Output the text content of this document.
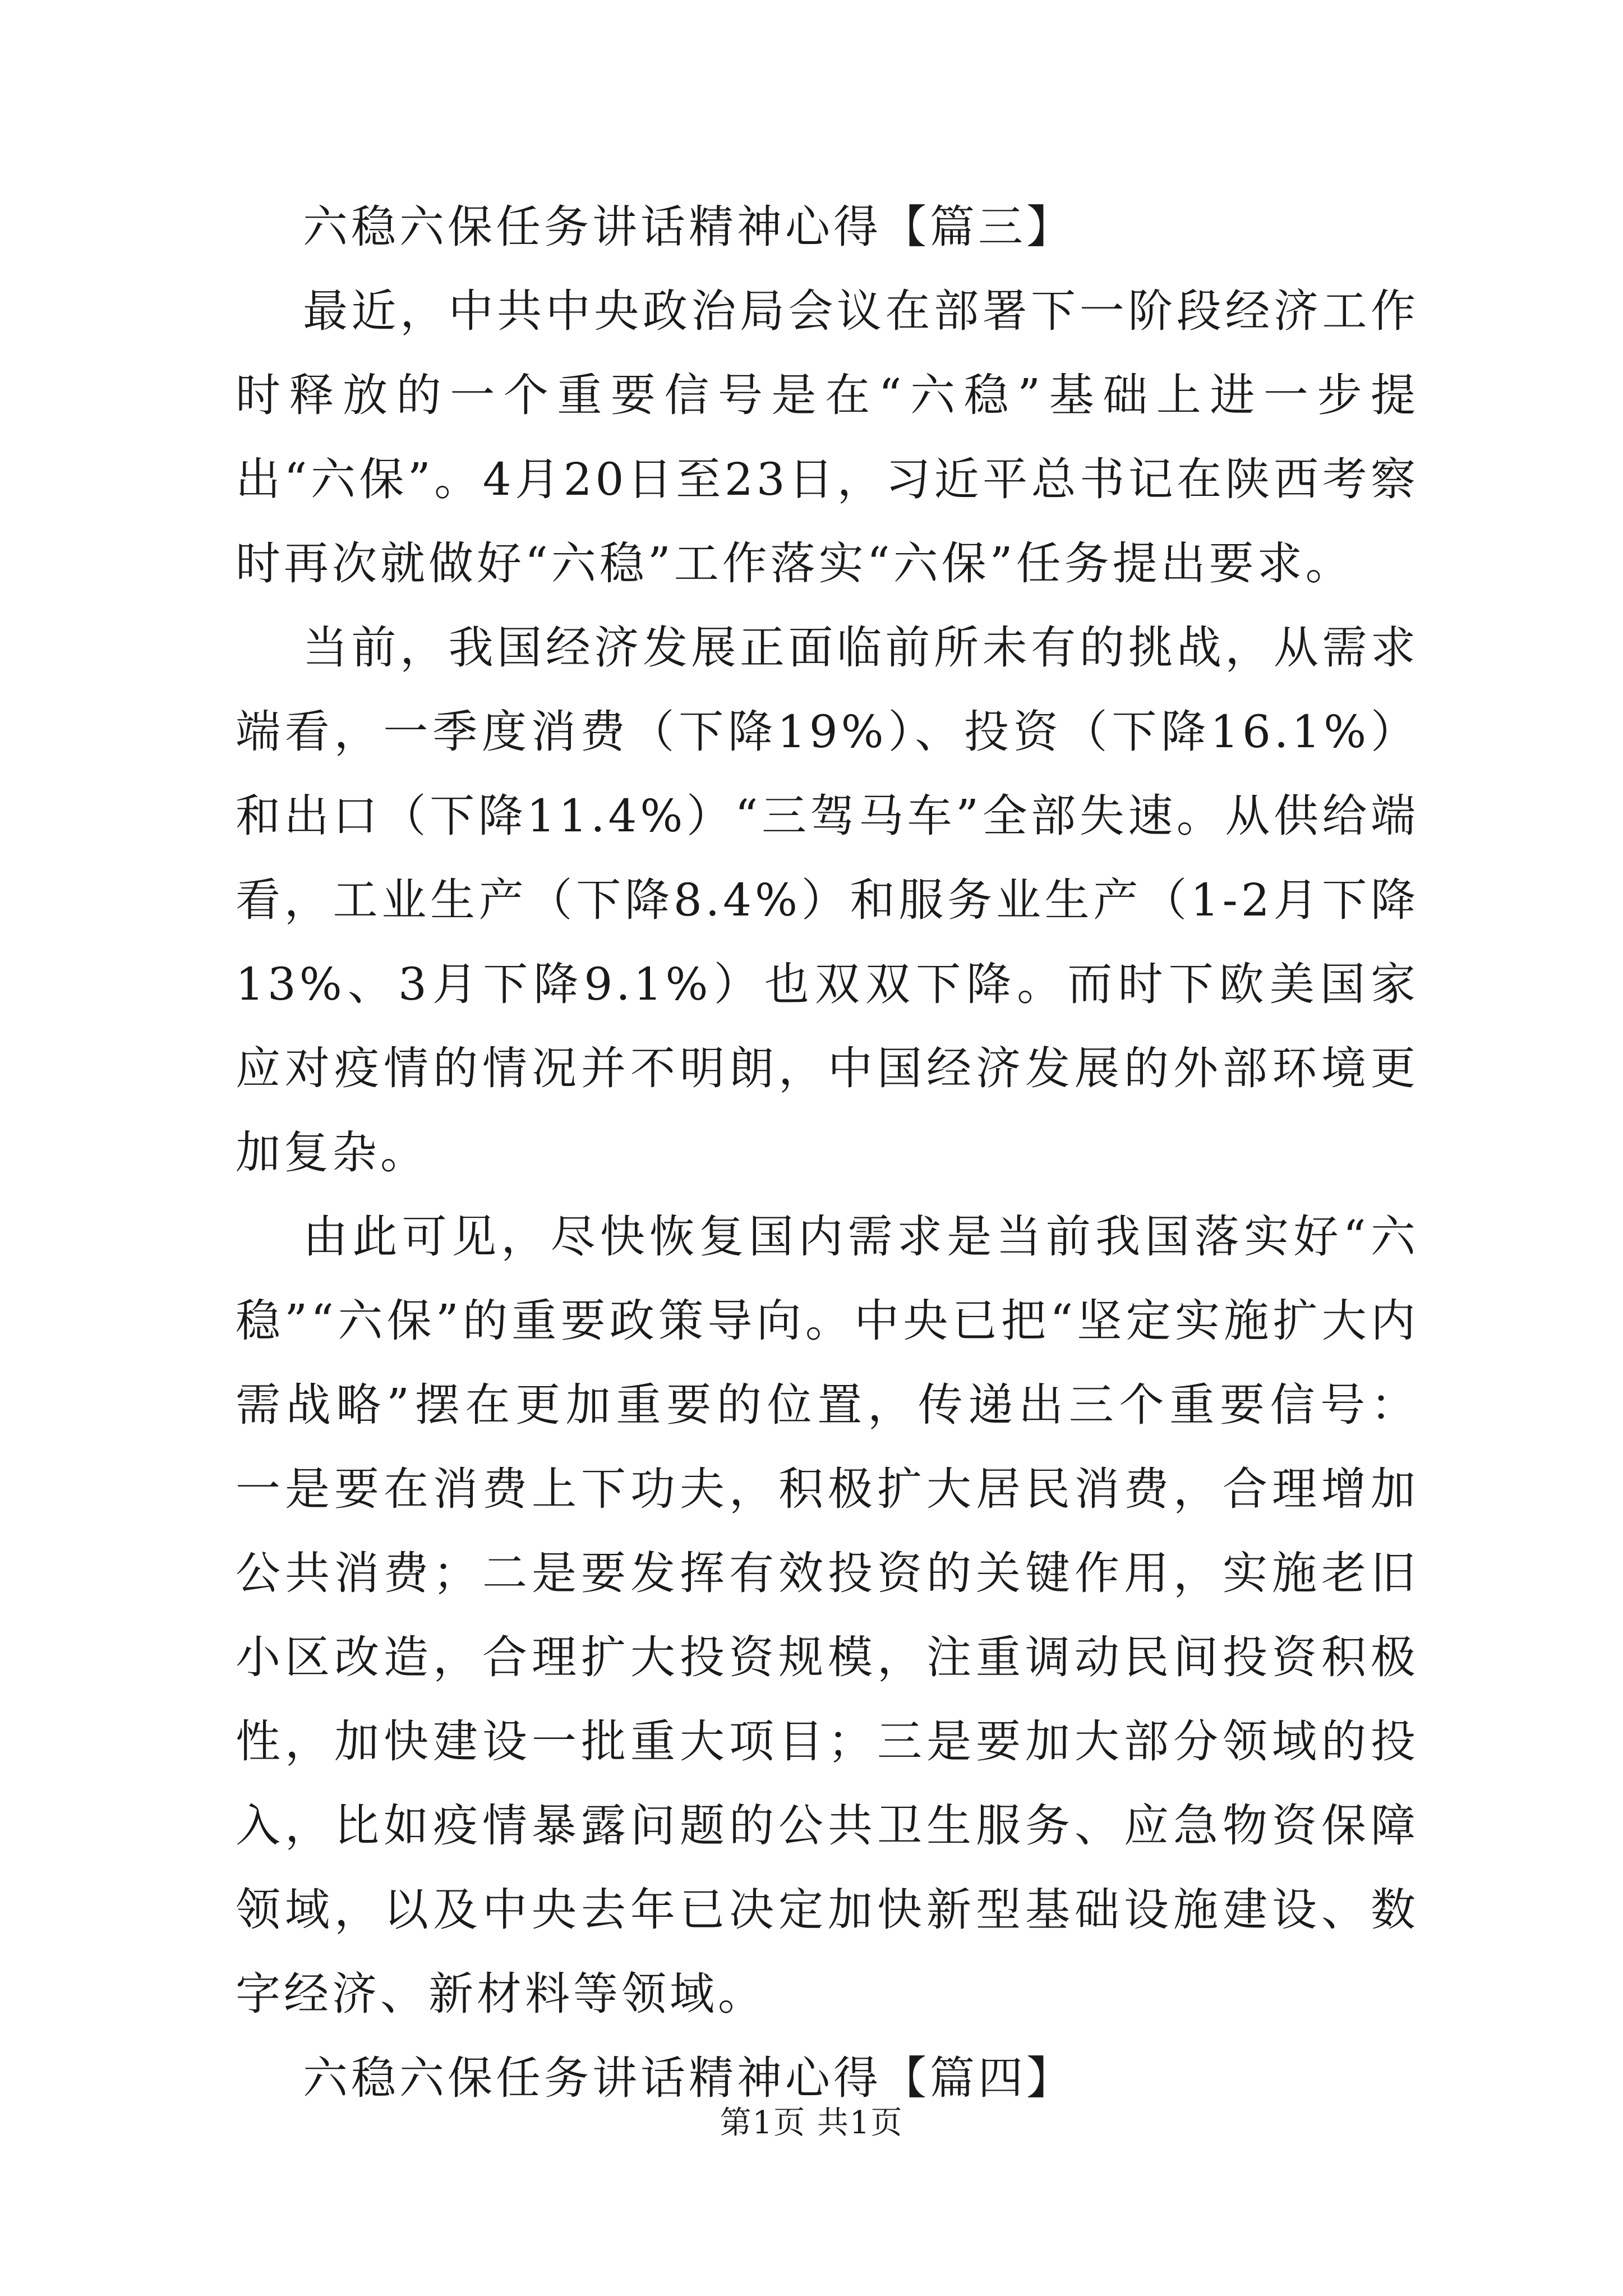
六稳六保任务讲话精神心得【篇三】

最近，中共中央政治局会议在部署下一阶段经济工作时释放的一个重要信号是在“六稳”基础上进一步提出“六保”。4月20日至23日，习近平总书记在陕西考察时再次就做好“六稳”工作落实“六保”任务提出要求。

当前，我国经济发展正面临前所未有的挑战，从需求端看，一季度消费（下降19%）、投资（下降16.1%）和出口（下降11.4%）“三驾马车”全部失速。从供给端看，工业生产（下降8.4%）和服务业生产（1-2月下降13%、3月下降9.1%）也双双下降。而时下欧美国家应对疫情的情况并不明朗，中国经济发展的外部环境更加复杂。

由此可见，尽快恢复国内需求是当前我国落实好“六稳”“六保”的重要政策导向。中央已把“坚定实施扩大内需战略”摆在更加重要的位置，传递出三个重要信号：一是要在消费上下功夫，积极扩大居民消费，合理增加公共消费；二是要发挥有效投资的关键作用，实施老旧小区改造，合理扩大投资规模，注重调动民间投资积极性，加快建设一批重大项目；三是要加大部分领域的投入，比如疫情暴露问题的公共卫生服务、应急物资保障领域，以及中央去年已决定加快新型基础设施建设、数字经济、新材料等领域。

六稳六保任务讲话精神心得【篇四】

第1页 共1页
